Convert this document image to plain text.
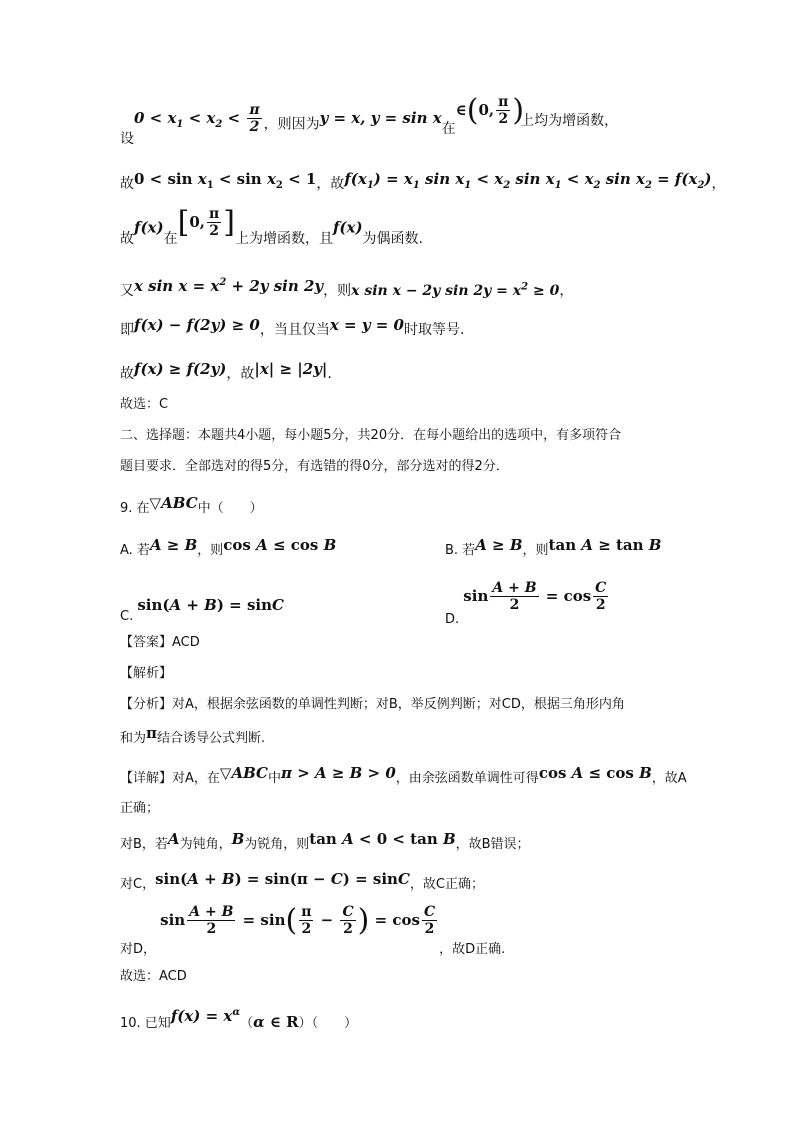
设$0 < x_1 < x_2 < \frac{\pi}{2}$ ，则因为y = x, y = sin x在∈(0, $\frac{\pi}{2}$ )上均为增函数，
故$0 < \sin x_1 < \sin x_2 < 1$，故$f(x_1) = x_1$ $\sin x_1 < x_2$ $\sin x_1 < x_2$ $\sin x_2 = f(x_2)$，
故f(x)在[0, $\frac{\pi}{2}$ ]上为增函数，且f(x)为偶函数.
又x $\sin x = x^2 + 2y$ sin 2y，则x sin x − 2y $\sin 2y = x^2 \ge 0$，
即f(x) − f(2y) ≥ 0，当且仅当x = y = 0时取等号.
故f(x) ≥ f(2y)，故|x| ≥ |2y|.
故选：C
二、选择题：本题共4小题，每小题5分，共20分．在每小题给出的选项中，有多项符合
题目要求．全部选对的得5分，有选错的得0分，部分选对的得2分．
9. 在▽ABC中（　　）
A. 若A ≥ B，则cos A ≤ cos B	B. 若A ≥ B，则tan A ≥ tan B
C. sin(A + B) = sinC
D. $\sin \frac{A + B}{2} = \cos \frac{C}{2}$
【答案】ACD
【解析】
【分析】对A，根据余弦函数的单调性判断；对B，举反例判断；对CD，根据三角形内角
和为π结合诱导公式判断.
【详解】对A，在▽ABC中π > A ≥ B > 0，由余弦函数单调性可得cos A ≤ cos B，故A
正确；
对B，若A为钝角，B为锐角，则tan A < 0 < tan B，故B错误；
对C，sin(A + B) = sin(π − C) = sinC，故C正确；
对D， $\sin \frac{A + B}{2} = \sin( \frac{\pi}{2} - \frac{C}{2}$ ) = $\cos \frac{C}{2}$
，故D正确.
故选：ACD
10. 已知$f(x) = x^\alpha(\alpha$ ∈ R）（　　）
